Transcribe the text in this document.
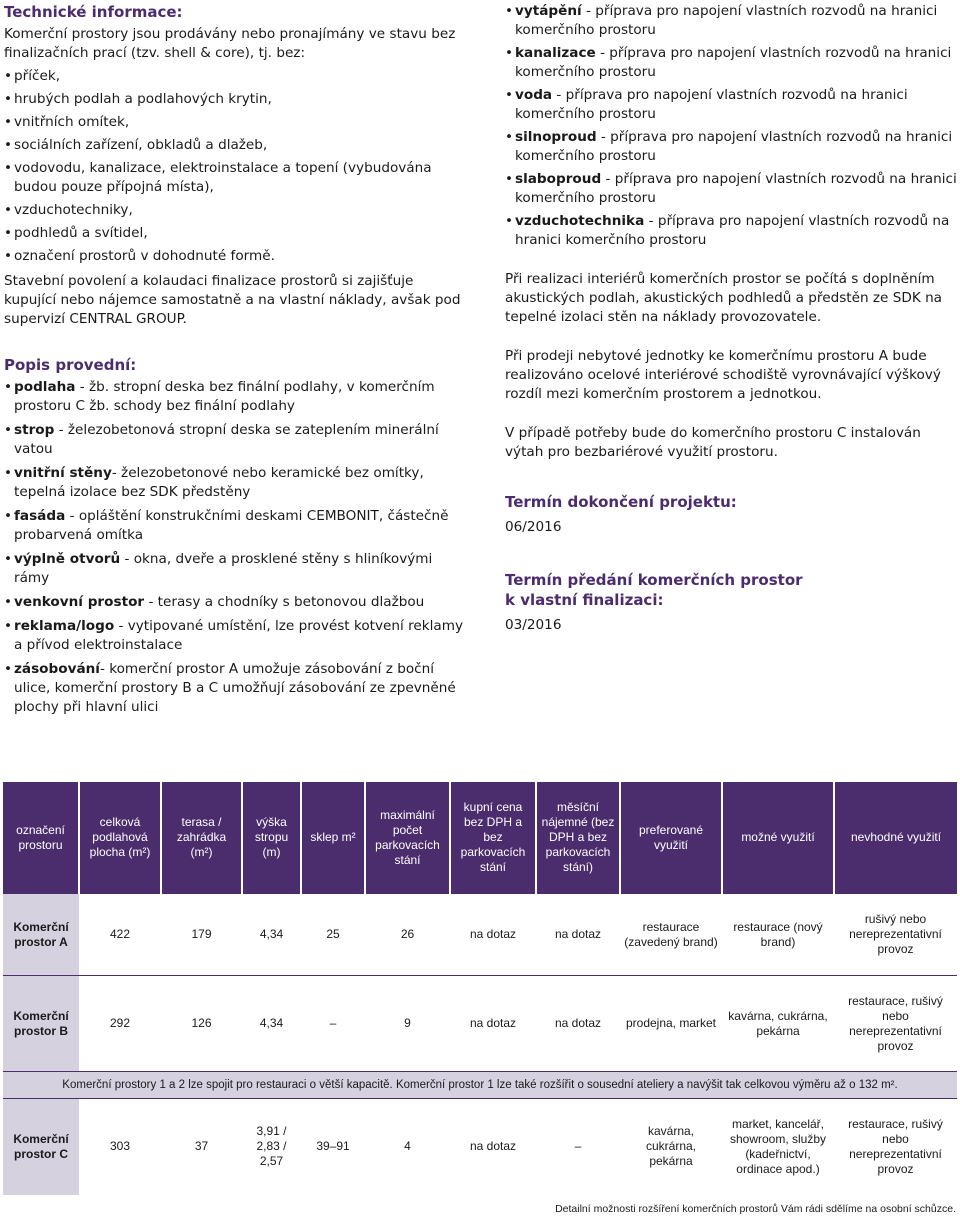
Technické informace:

Komerční prostory jsou prodávány nebo pronajímány ve stavu bez finalizačních prací (tzv. shell & core), tj. bez:

• příček,
• hrubých podlah a podlahových krytin,
• vnitřních omítek,
• sociálních zařízení, obkladů a dlažeb,
• vodovodu, kanalizace, elektroinstalace a topení (vybudována budou pouze přípojná místa),
• vzduchotechniky,
• podhledů a svítidel,
• označení prostorů v dohodnuté formě.

Stavební povolení a kolaudaci finalizace prostorů si zajišťuje kupující nebo nájemce samostatně a na vlastní náklady, avšak pod supervizí CENTRAL GROUP.

Popis provední:
• podlaha - žb. stropní deska bez finální podlahy, v komerčním prostoru C žb. schody bez finální podlahy
• strop - železobetonová stropní deska se zateplením minerální vatou
• vnitřní stěny- železobetonové nebo keramické bez omítky, tepelná izolace bez SDK předstěny
• fasáda - opláštění konstrukčními deskami CEMBONIT, částečně probarvená omítka
• výplně otvorů - okna, dveře a prosklené stěny s hliníkovými rámy
• venkovní prostor - terasy a chodníky s betonovou dlažbou
• reklama/logo - vytipované umístění, lze provést kotvení reklamy a přívod elektroinstalace
• zásobování- komerční prostor A umožuje zásobování z boční ulice, komerční prostory B a C umožňují zásobování ze zpevněné plochy při hlavní ulici
• vytápění - příprava pro napojení vlastních rozvodů na hranici komerčního prostoru
• kanalizace - příprava pro napojení vlastních rozvodů na hranici komerčního prostoru
• voda - příprava pro napojení vlastních rozvodů na hranici komerčního prostoru
• silnoproud - příprava pro napojení vlastních rozvodů na hranici komerčního prostoru
• slaboproud - příprava pro napojení vlastních rozvodů na hranici komerčního prostoru
• vzduchotechnika - příprava pro napojení vlastních rozvodů na hranici komerčního prostoru

Při realizaci interiérů komerčních prostor se počítá s doplněním akustických podlah, akustických podhledů a předstěn ze SDK na tepelné izolaci stěn na náklady provozovatele.

Při prodeji nebytové jednotky ke komerčnímu prostoru A bude realizováno ocelové interiérové schodiště vyrovnávající výškový rozdíl mezi komerčním prostorem a jednotkou.

V případě potřeby bude do komerčního prostoru C instalován výtah pro bezbariérové využití prostoru.

Termín dokončení projektu:

06/2016

Termín předání komerčních prostor
k vlastní finalizaci:

03/2016

označení prostoru	celková podlahová plocha (m²)	terasa / zahrádka (m²)	výška stropu (m)	sklep m²	maximální počet parkovacích stání	kupní cena bez DPH a bez parkovacích stání	měsíční nájemné (bez DPH a bez parkovacích stání)	preferované využití	možné využití	nevhodné využití
Komerční prostor A	422	179	4,34	25	26	na dotaz	na dotaz	restaurace (zavedený brand)	restaurace (nový brand)	rušivý nebo nereprezentativní provoz
Komerční prostor B	292	126	4,34	–	9	na dotaz	na dotaz	prodejna, market	kavárna, cukrárna, pekárna	restaurace, rušivý nebo nereprezentativní provoz
Komerční prostory 1 a 2 lze spojit pro restauraci o větší kapacitě. Komerční prostor 1 lze také rozšířit o sousední ateliery a navýšit tak celkovou výměru až o 132 m².										
Komerční prostor C	303	37	3,91 / 2,83 / 2,57	39–91	4	na dotaz	–	kavárna, cukrárna, pekárna	market, kancelář, showroom, služby (kadeřnictví, ordinace apod.)	restaurace, rušivý nebo nereprezentativní provoz
Detailní možnosti rozšíření komerčních prostorů Vám rádi sdělíme na osobní schůzce.
